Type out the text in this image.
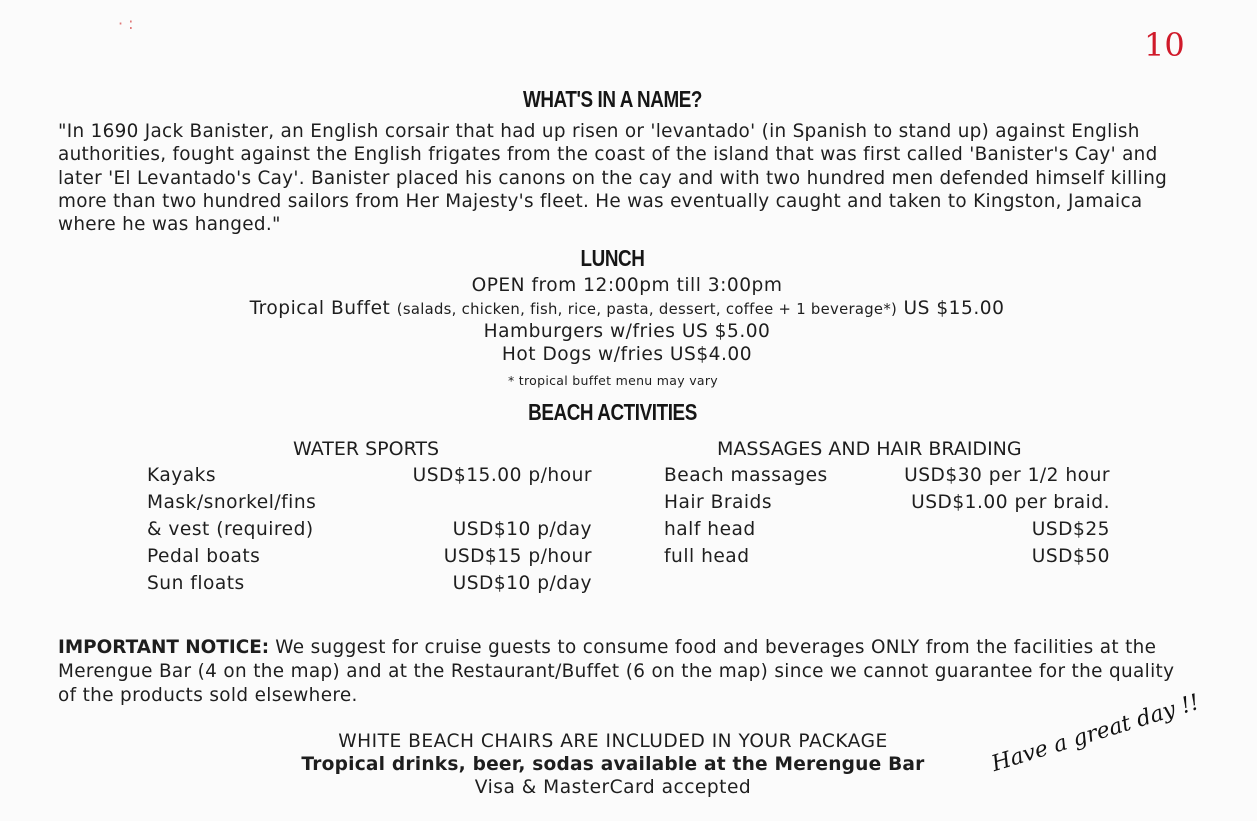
· :
10
WHAT'S IN A NAME?

"In 1690 Jack Banister, an English corsair that had up risen or 'levantado' (in Spanish to stand up) against English authorities, fought against the English frigates from the coast of the island that was first called 'Banister's Cay' and later 'El Levantado's Cay'. Banister placed his canons on the cay and with two hundred men defended himself killing more than two hundred sailors from Her Majesty's fleet. He was eventually caught and taken to Kingston, Jamaica where he was hanged."

LUNCH
OPEN from 12:00pm till 3:00pm
Tropical Buffet (salads, chicken, fish, rice, pasta, dessert, coffee + 1 beverage*) US $15.00
Hamburgers w/fries US $5.00
Hot Dogs w/fries US$4.00
* tropical buffet menu may vary
BEACH ACTIVITIES
WATER SPORTS	MASSAGES AND HAIR BRAIDING
Kayaks	USD$15.00 p/hour
Mask/snorkel/fins
& vest (required)	USD$10 p/day
Pedal boats	USD$15 p/hour
Sun floats	USD$10 p/day
Beach massages	USD$30 per 1/2 hour
Hair Braids	USD$1.00 per braid.
half head	USD$25
full head	USD$50

IMPORTANT NOTICE: We suggest for cruise guests to consume food and beverages ONLY from the facilities at the Merengue Bar (4 on the map) and at the Restaurant/Buffet (6 on the map) since we cannot guarantee for the quality of the products sold elsewhere.

WHITE BEACH CHAIRS ARE INCLUDED IN YOUR PACKAGE
Tropical drinks, beer, sodas available at the Merengue Bar
Visa & MasterCard accepted
Have a great day !!
